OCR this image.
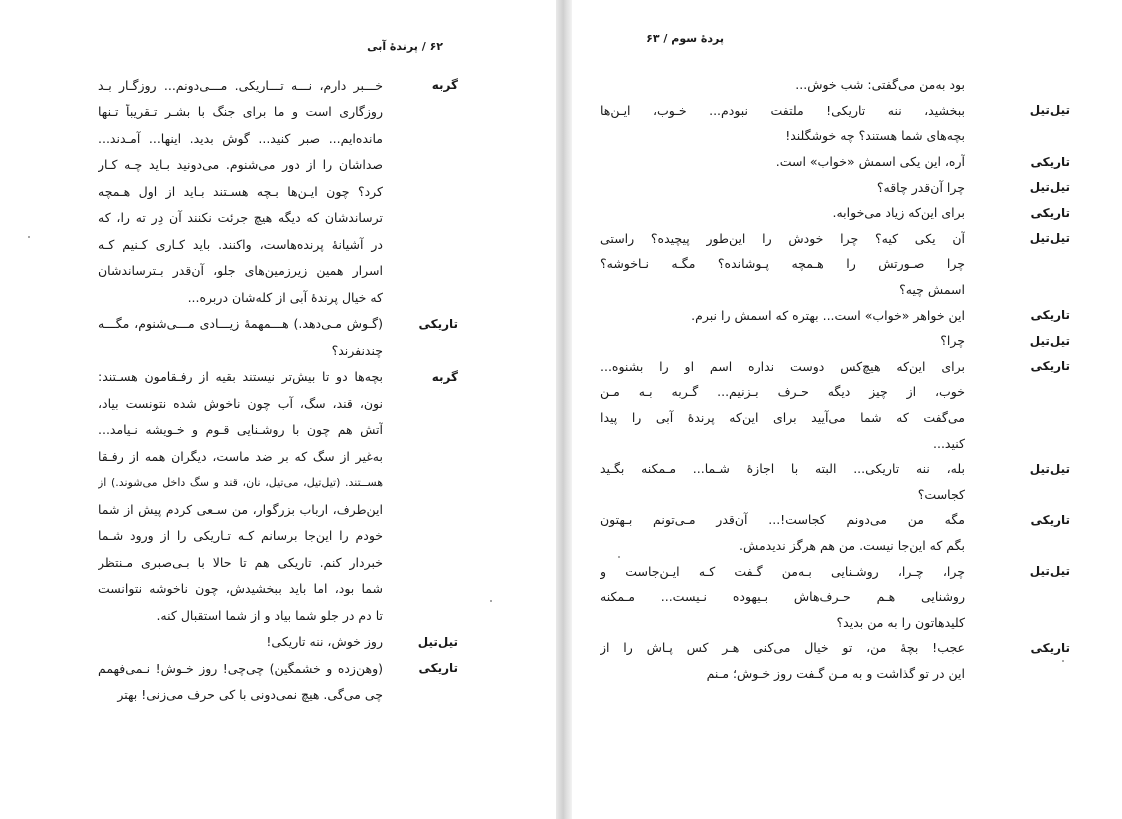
۶۲ / پرندهٔ آبی
گربه
خـــبر دارم، نـــه تـــاریکی. مـــی‌دونم... روزگـار بـد
روزگاری است و ما برای جنگ با بشـر تـقریباً تـنها
مانده‌ایم... صبر کنید... گوش بدید. اینها... آمـدند...
صداشان را از دور می‌شنوم. می‌دونید بـاید چـه کـار
کرد؟ چون ایـن‌ها بـچه هسـتند بـاید از اول هـمچه
ترساندشان که دیگه هیچ جرئت نکنند آن دِرِ ته را، که
درِ آشیانهٔ پرنده‌هاست، واکنند. باید کـاری کـنیم کـه
اسرار همین زیرزمین‌های جلو، آن‌قدر بـترساندشان
که خیال پرندهٔ آبی از کله‌شان دربره...
تاریکی
(گـوش مـی‌دهد.) هـــمهمهٔ زیـــادی مـــی‌شنوم، مگـــه
چندنفرند؟
گربه
بچه‌ها دو تا بیش‌تر نیستند بقیه از رفـقامون هسـتند:
نون، قند، سگ، آب چون ناخوش شده نتونست بیاد،
آتش هم چون با روشـنایی قـوم و خـویشه نـیامد...
به‌غیر از سگ که بر ضد ماست، دیگران همه از رفـقا
هســتند. (تیل‌تیل، می‌تیل، نان، قند و سگ داخل می‌شوند.) از
این‌طرف، ارباب بزرگوار، من سـعی کردم پیش از شما
خودم را این‌جا برسانم کـه تـاریکی را از ورود شـما
خبردار کنم. تاریکی هم تا حالا با بـی‌صبری مـنتظر
شما بود، اما باید ببخشیدش، چون ناخوشه نتوانست
تا دم در جلو شما بیاد و از شما استقبال کنه.
تیل‌تیل
روز خوش، ننه تاریکی!
تاریکی
(وهن‌زده و خشمگین) چی‌چی! روز خـوش! نـمی‌فهمم
چی می‌گی. هیچ نمی‌دونی با کی حرف می‌زنی! بهتر
پردهٔ سوم / ۶۳
بود به‌من می‌گفتی: شب خوش...
تیل‌تیل
ببخشید، ننه تاریکی! ملتفت نبودم... خـوب، ایـن‌ها
بچه‌های شما هستند؟ چه خوشگلند!
تاریکی
آره، این یکی اسمش «خواب» است.
تیل‌تیل
چرا آن‌قدر چاقه؟
تاریکی
برای این‌که زیاد می‌خوابه.
تیل‌تیل
آن یکی کیه؟ چرا خودش را این‌طور پیچیده؟ راستی
چرا صـورتش را هـمچه پـوشانده؟ مگـه نـاخوشه؟
اسمش چیه؟
تاریکی
این خواهر «خواب» است... بهتره که اسمش را نبرم.
تیل‌تیل
چرا؟
تاریکی
برای این‌که هیچ‌کس دوست نداره اسم او را بشنوه...
خوب، از چیز دیگه حـرف بـزنیم... گـربه بـه مـن
می‌گفت که شما می‌آیید برای این‌که پرندهٔ آبی را پیدا
کنید...
تیل‌تیل
بله، ننه تاریکی... البته با اجازهٔ شـما... مـمکنه بگـید
کجاست؟
تاریکی
مگه من می‌دونم کجاست!... آن‌قدر مـی‌تونم بـهتون
بگم که این‌جا نیست. من هم هرگز ندیدمش.
تیل‌تیل
چرا، چـرا، روشـنایی بـه‌من گـفت کـه ایـن‌جاست و
روشنایی هـم حـرف‌هاش بـیهوده نـیست... مـمکنه
کلیدهاتون را به من بدید؟
تاریکی
عجب! بچهٔ من، تو خیال می‌کنی هـر کس پـاش را از
این در تو گذاشت و به مـن گـفت روز خـوش؛ مـنم
